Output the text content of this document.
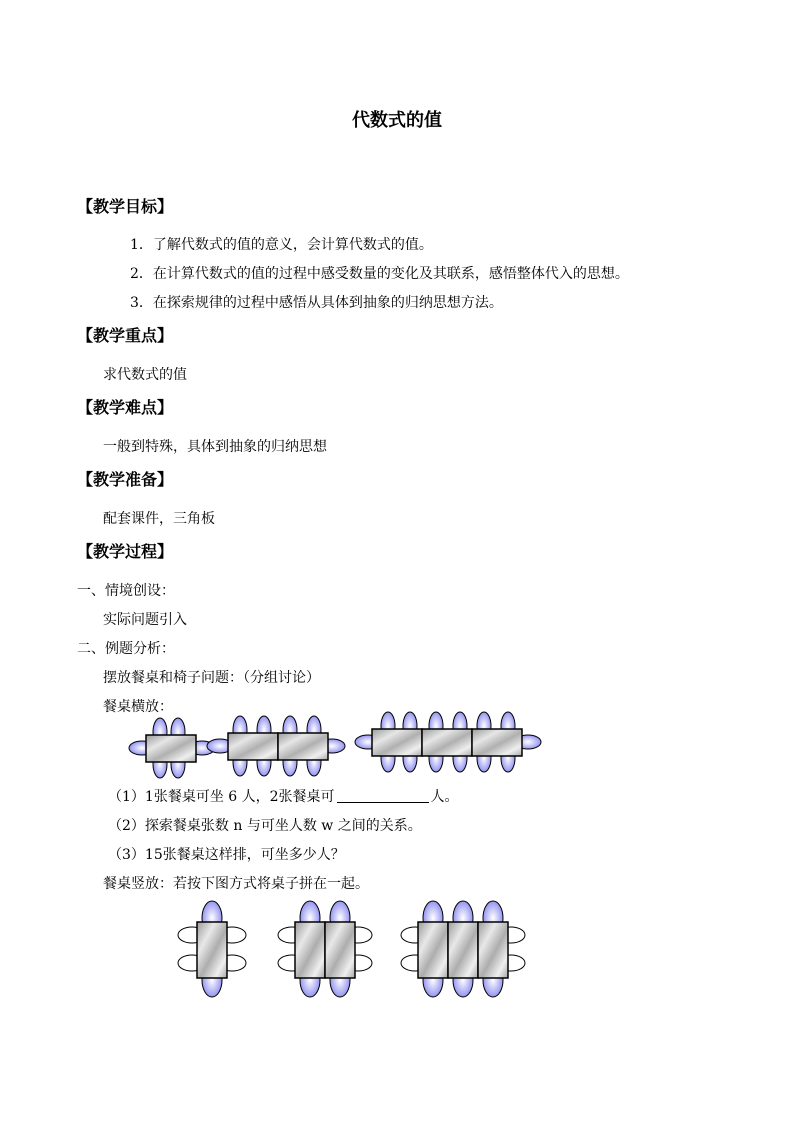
代数式的值
【教学目标】
1．了解代数式的值的意义，会计算代数式的值。
2．在计算代数式的值的过程中感受数量的变化及其联系，感悟整体代入的思想。
3．在探索规律的过程中感悟从具体到抽象的归纳思想方法。
【教学重点】
求代数式的值
【教学难点】
一般到特殊，具体到抽象的归纳思想
【教学准备】
配套课件，三角板
【教学过程】
一、情境创设：
实际问题引入
二、例题分析：
摆放餐桌和椅子问题：（分组讨论）
餐桌横放：
（1）1张餐桌可坐 6 人，2张餐桌可	人。
（2）探索餐桌张数 n 与可坐人数 w 之间的关系。
（3）15张餐桌这样排，可坐多少人？
餐桌竖放：若按下图方式将桌子拼在一起。
